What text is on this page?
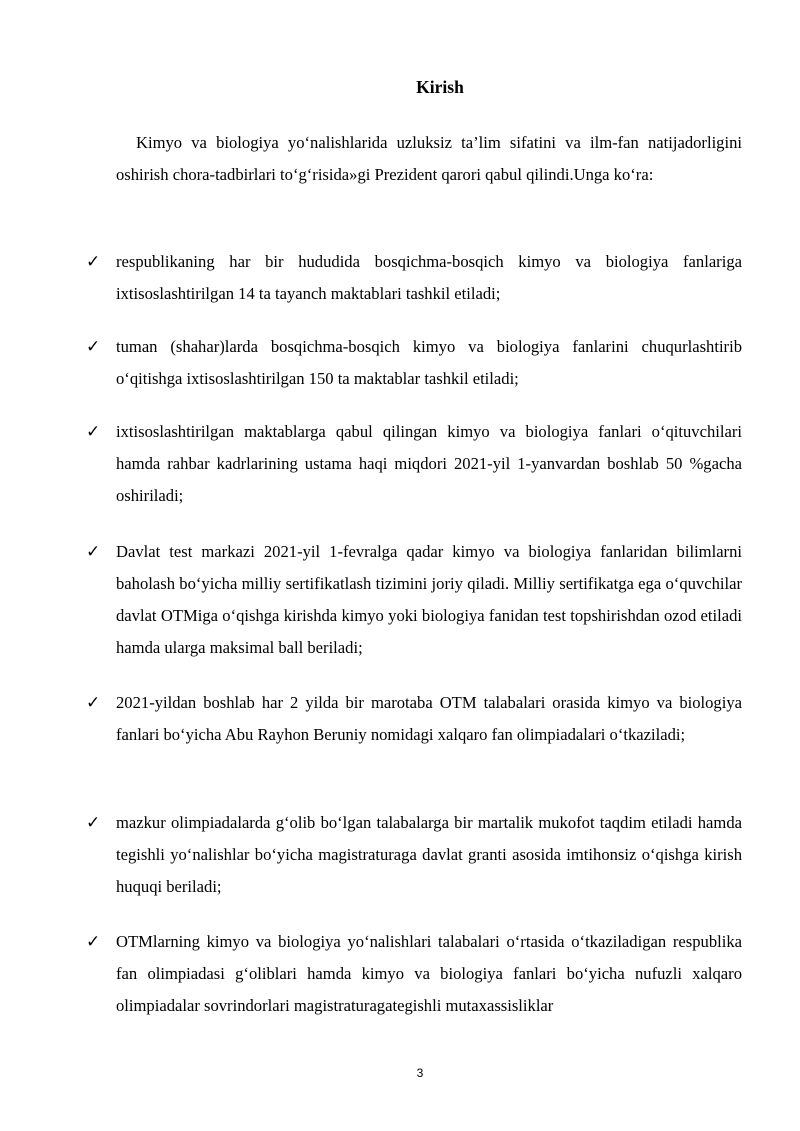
Kirish
Kimyo va biologiya yo‘nalishlarida uzluksiz ta’lim sifatini va ilm-fan natijadorligini oshirish chora-tadbirlari to‘g‘risida»gi Prezident qarori qabul qilindi.Unga ko‘ra:
✓ respublikaning har bir hududida bosqichma-bosqich kimyo va biologiya fanlariga ixtisoslashtirilgan 14 ta tayanch maktablari tashkil etiladi;
✓ tuman (shahar)larda bosqichma-bosqich kimyo va biologiya fanlarini chuqurlashtirib o‘qitishga ixtisoslashtirilgan 150 ta maktablar tashkil etiladi;
✓ ixtisoslashtirilgan maktablarga qabul qilingan kimyo va biologiya fanlari o‘qituvchilari hamda rahbar kadrlarining ustama haqi miqdori 2021-yil 1-yanvardan boshlab 50 %gacha oshiriladi;
✓ Davlat test markazi 2021-yil 1-fevralga qadar kimyo va biologiya fanlaridan bilimlarni baholash bo‘yicha milliy sertifikatlash tizimini joriy qiladi. Milliy sertifikatga ega o‘quvchilar davlat OTMiga o‘qishga kirishda kimyo yoki biologiya fanidan test topshirishdan ozod etiladi hamda ularga maksimal ball beriladi;
✓ 2021-yildan boshlab har 2 yilda bir marotaba OTM talabalari orasida kimyo va biologiya fanlari bo‘yicha Abu Rayhon Beruniy nomidagi xalqaro fan olimpiadalari o‘tkaziladi;
✓ mazkur olimpiadalarda g‘olib bo‘lgan talabalarga bir martalik mukofot taqdim etiladi hamda tegishli yo‘nalishlar bo‘yicha magistraturaga davlat granti asosida imtihonsiz o‘qishga kirish huquqi beriladi;
✓ OTMlarning kimyo va biologiya yo‘nalishlari talabalari o‘rtasida o‘tkaziladigan respublika fan olimpiadasi g‘oliblari hamda kimyo va biologiya fanlari bo‘yicha nufuzli xalqaro olimpiadalar sovrindorlari magistraturagategishli mutaxassisliklar
3
